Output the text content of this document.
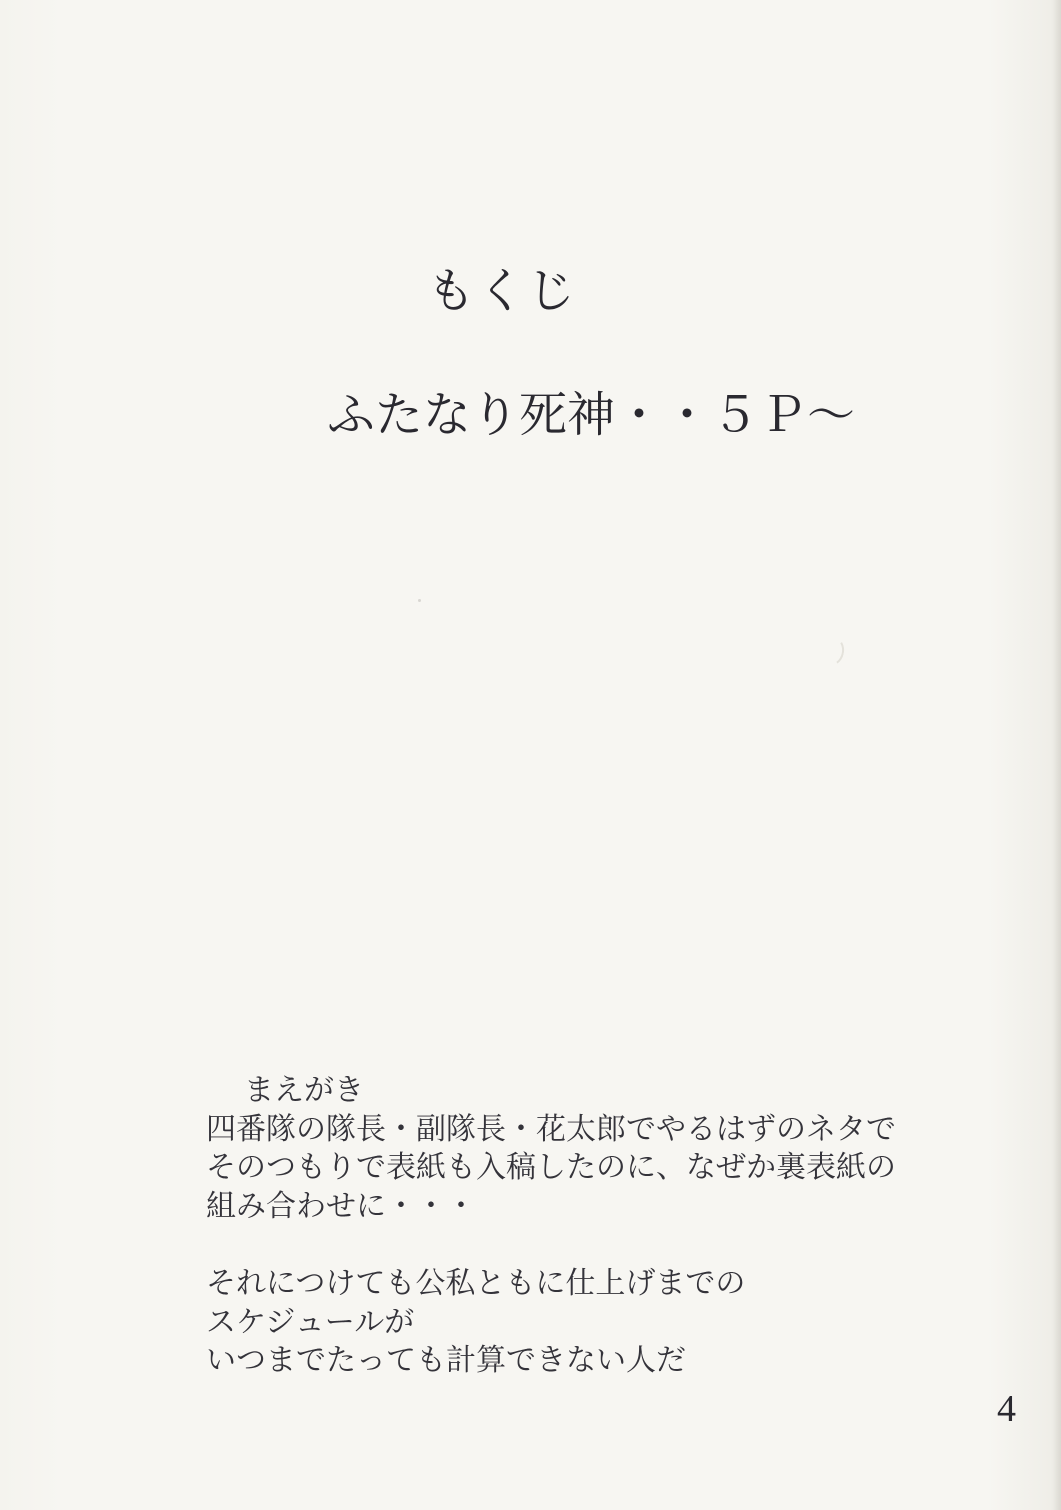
もくじ
ふたなり死神・・５Ｐ～
まえがき
四番隊の隊長・副隊長・花太郎でやるはずのネタで
そのつもりで表紙も入稿したのに、なぜか裏表紙の
組み合わせに・・・
それにつけても公私ともに仕上げまでの
スケジュールが
いつまでたっても計算できない人だ
4
